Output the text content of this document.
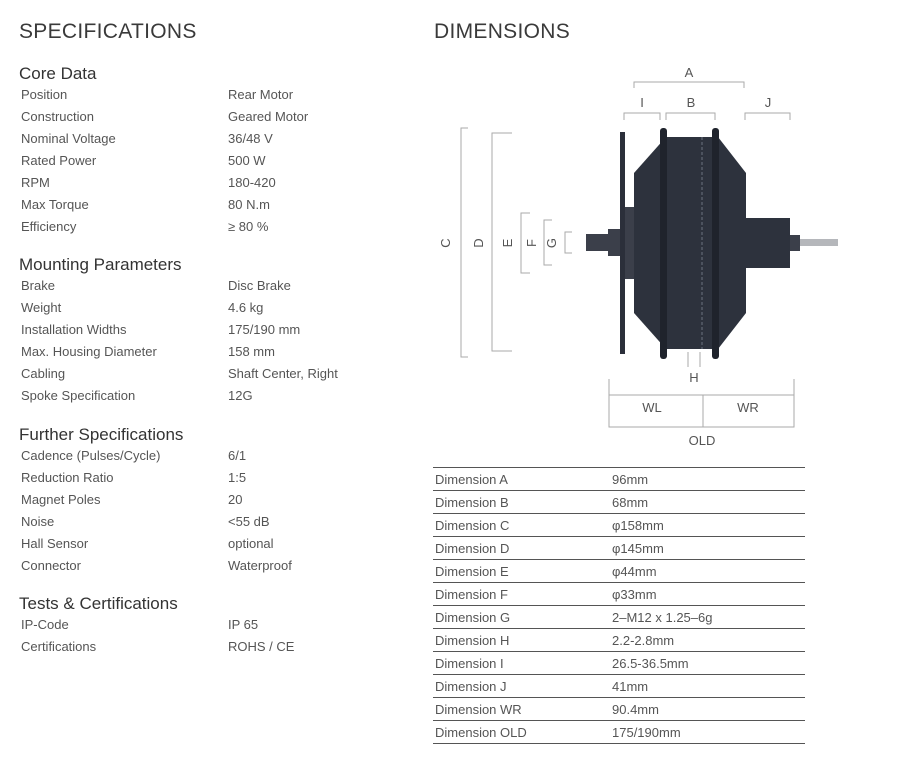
SPECIFICATIONS
Core Data
Position	Rear Motor
Construction	Geared Motor
Nominal Voltage	36/48 V
Rated Power	500 W
RPM	180-420
Max Torque	80 N.m
Efficiency	≥ 80 %
Mounting Parameters
Brake	Disc Brake
Weight	4.6 kg
Installation Widths	175/190 mm
Max. Housing Diameter	158 mm
Cabling	Shaft Center, Right
Spoke Specification	12G
Further Specifications
Cadence (Pulses/Cycle)	6/1
Reduction Ratio	1:5
Magnet Poles	20
Noise	<55 dB
Hall Sensor	optional
Connector	Waterproof
Tests & Certifications
IP-Code	IP 65
Certifications	ROHS / CE
DIMENSIONS
A
I	B	J
C D E F G
H
WL	WR
OLD
Dimension A	96mm
Dimension B	68mm
Dimension C	φ158mm
Dimension D	φ145mm
Dimension E	φ44mm
Dimension F	φ33mm
Dimension G	2–M12 x 1.25–6g
Dimension H	2.2-2.8mm
Dimension I	26.5-36.5mm
Dimension J	41mm
Dimension WR	90.4mm
Dimension OLD	175/190mm
